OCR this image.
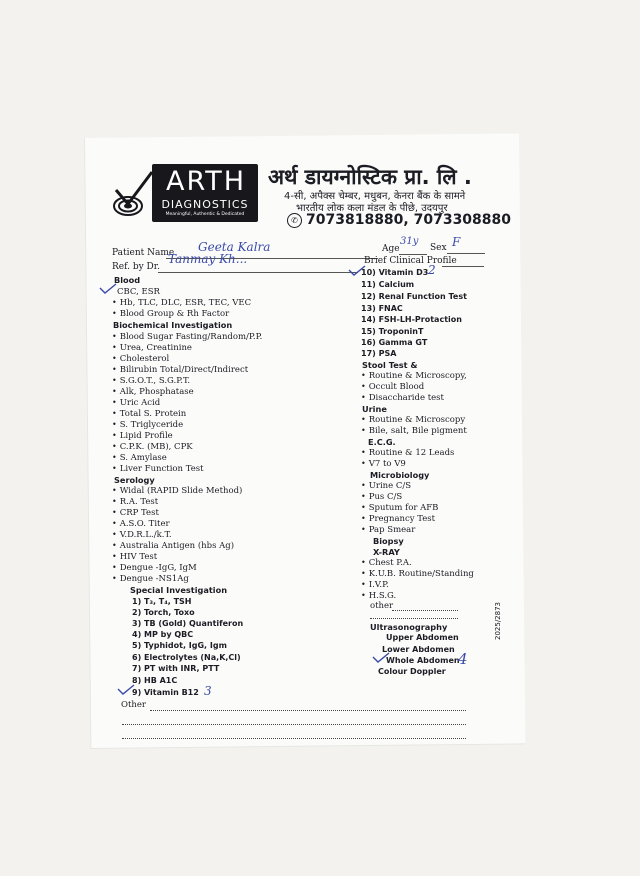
ARTH
DIAGNOSTICS
Meaningful, Authentic & Dedicated
अर्थ डायग्नोस्टिक प्रा. लि .
4-सी, अपैक्स चेम्बर, मधुबन, केनरा बैंक के सामने
भारतीय लोक कला मंडल के पीछे, उदयपुर
✆ 7073818880, 7073308880
Patient Name Geeta Kalra	Age
31y
Sex F
Ref. by Dr.
Tanmay Kh...	Brief Clinical Profile
Blood
CBC, ESR
• Hb, TLC, DLC, ESR, TEC, VEC
• Blood Group & Rh Factor
Biochemical Investigation
• Blood Sugar Fasting/Random/P.P.
• Urea, Creatinine
• Cholesterol
• Bilirubin Total/Direct/Indirect
• S.G.O.T., S.G.P.T.
• Alk, Phosphatase
• Uric Acid
• Total S. Protein
• S. Triglyceride
• Lipid Profile
• C.P.K. (MB), CPK
• S. Amylase
• Liver Function Test
Serology
• Widal (RAPID Slide Method)
• R.A. Test
• CRP Test
• A.S.O. Titer
• V.D.R.L./k.T.
• Australia Antigen (hbs Ag)
• HIV Test
• Dengue -IgG, IgM
• Dengue -NS1Ag
Special Investigation
1) T₃, T₄, TSH
2) Torch, Toxo
3) TB (Gold) Quantiferon
4) MP by QBC
5) Typhidot, IgG, Igm
6) Electrolytes (Na,K,Cl)
7) PT with INR, PTT
8) HB A1C
9) Vitamin B12 3
Other
10) Vitamin D3 2
11) Calcium
12) Renal Function Test
13) FNAC
14) FSH-LH-Protaction
15) TroponinT
16) Gamma GT
17) PSA
Stool Test &
• Routine & Microscopy,
• Occult Blood
• Disaccharide test
Urine
• Routine & Microscopy
• Bile, salt, Bile pigment
E.C.G.
• Routine & 12 Leads
• V7 to V9
Microbiology
• Urine C/S
• Pus C/S
• Sputum for AFB
• Pregnancy Test
• Pap Smear
Biopsy
X-RAY
• Chest P.A.
• K.U.B. Routine/Standing
• I.V.P.
• H.S.G.
other
Ultrasonography
Upper Abdomen
Lower Abdomen
Whole Abdomen
4
Colour Doppler
2025/2873
